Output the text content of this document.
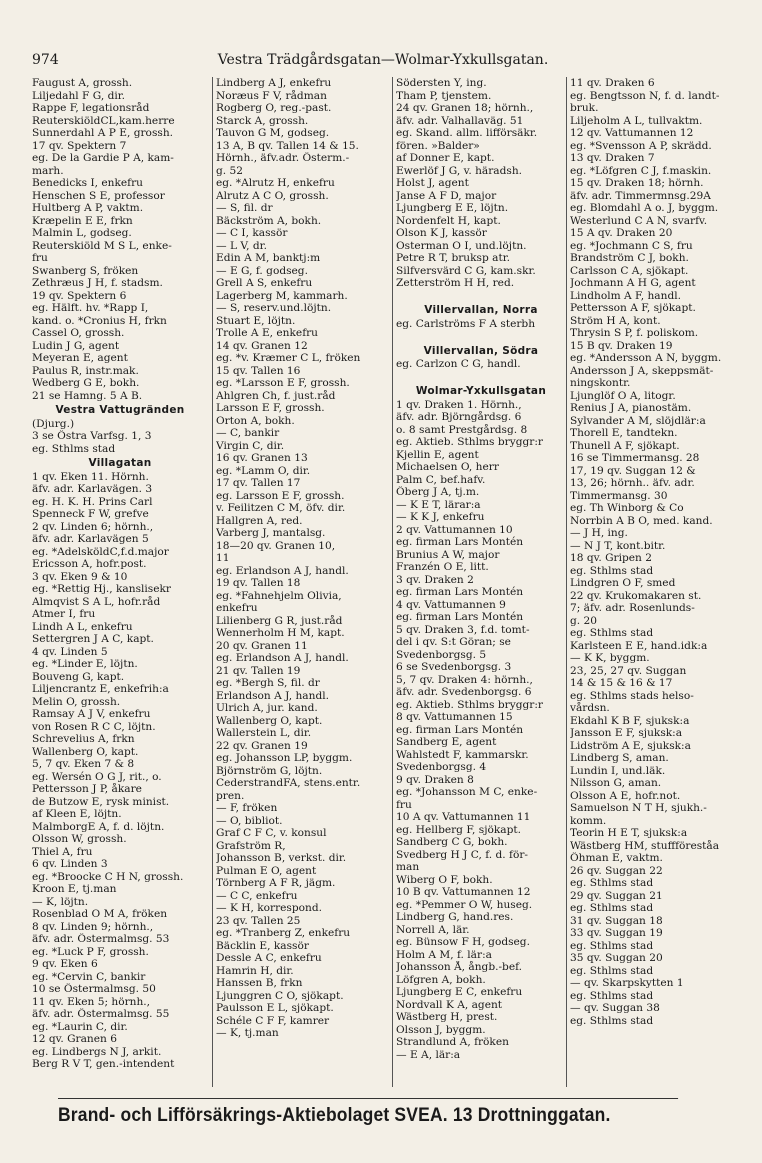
974	Vestra Trädgårdsgatan—Wolmar-Yxkullsgatan.
Faugust A, grossh.
Liljedahl F G, dir.
Rappe F, legationsråd
ReuterskiöldCL,kam.herre
Sunnerdahl A P E, grossh.
17 qv. Spektern 7
eg. De la Gardie P A, kam-
marh.
Benedicks I, enkefru
Henschen S E, professor
Hultberg A P, vaktm.
Kræpelin E E, frkn
Malmin L, godseg.
Reuterskiöld M S L, enke-
fru
Swanberg S, fröken
Zethræus J H, f. stadsm.
19 qv. Spektern 6
eg. Hälft. hv. *Rapp I,
kand. o. *Cronius H, frkn
Cassel O, grossh.
Ludin J G, agent
Meyeran E, agent
Paulus R, instr.mak.
Wedberg G E, bokh.
21 se Hamng. 5 A B.
Vestra Vattugränden
(Djurg.)
3 se Östra Varfsg. 1, 3
eg. Sthlms stad
Villagatan
1 qv. Eken 11. Hörnh.
äfv. adr. Karlavägen. 3
eg. H. K. H. Prins Carl
Spenneck F W, grefve
2 qv. Linden 6; hörnh.,
äfv. adr. Karlavägen 5
eg. *AdelsköldC,f.d.major
Ericsson A, hofr.post.
3 qv. Eken 9 & 10
eg. *Rettig Hj., kanslisekr
Almqvist S A L, hofr.råd
Atmer I, fru
Lindh A L, enkefru
Settergren J A C, kapt.
4 qv. Linden 5
eg. *Linder E, löjtn.
Bouveng G, kapt.
Liljencrantz E, enkefrih:a
Melin O, grossh.
Ramsay A J V, enkefru
von Rosen R C C, löjtn.
Schrevelius A, frkn
Wallenberg O, kapt.
5, 7 qv. Eken 7 & 8
eg. Wersén O G J, rit., o.
Pettersson J P, åkare
de Butzow E, rysk minist.
af Kleen E, löjtn.
MalmborgE A, f. d. löjtn.
Olsson W, grossh.
Thiel A, fru
6 qv. Linden 3
eg. *Broocke C H N, grossh.
Kroon E, tj.man
— K, löjtn.
Rosenblad O M A, fröken
8 qv. Linden 9; hörnh.,
äfv. adr. Östermalmsg. 53
eg. *Luck P F, grossh.
9 qv. Eken 6
eg. *Cervin C, bankir
10 se Östermalmsg. 50
11 qv. Eken 5; hörnh.,
äfv. adr. Östermalmsg. 55
eg. *Laurin C, dir.
12 qv. Granen 6
eg. Lindbergs N J, arkit.
Berg R V T, gen.-intendent
Lindberg A J, enkefru
Noræus F V, rådman
Rogberg O, reg.-past.
Starck A, grossh.
Tauvon G M, godseg.
13 A, B qv. Tallen 14 & 15.
Hörnh., äfv.adr. Österm.-
g. 52
eg. *Alrutz H, enkefru
Alrutz A C O, grossh.
— S, fil. dr
Bäckström A, bokh.
— C I, kassör
— L V, dr.
Edin A M, banktj:m
— E G, f. godseg.
Grell A S, enkefru
Lagerberg M, kammarh.
— S, reserv.und.löjtn.
Stuart E, löjtn.
Trolle A E, enkefru
14 qv. Granen 12
eg. *v. Kræmer C L, fröken
15 qv. Tallen 16
eg. *Larsson E F, grossh.
Ahlgren Ch, f. just.råd
Larsson E F, grossh.
Orton A, bokh.
— C, bankir
Virgin C, dir.
16 qv. Granen 13
eg. *Lamm O, dir.
17 qv. Tallen 17
eg. Larsson E F, grossh.
v. Feilitzen C M, öfv. dir.
Hallgren A, red.
Varberg J, mantalsg.
18—20 qv. Granen 10,
11
eg. Erlandson A J, handl.
19 qv. Tallen 18
eg. *Fahnehjelm Olivia,
enkefru
Lilienberg G R, just.råd
Wennerholm H M, kapt.
20 qv. Granen 11
eg. Erlandson A J, handl.
21 qv. Tallen 19
eg. *Bergh S, fil. dr
Erlandson A J, handl.
Ulrich A, jur. kand.
Wallenberg O, kapt.
Wallerstein L, dir.
22 qv. Granen 19
eg. Johansson LP, byggm.
Björnström G, löjtn.
CederstrandFA, stens.entr.
pren.
— F, fröken
— O, bibliot.
Graf C F C, v. konsul
Grafström R,
Johansson B, verkst. dir.
Pulman E O, agent
Törnberg A F R, jägm.
— C C, enkefru
— K H, korrespond.
23 qv. Tallen 25
eg. *Tranberg Z, enkefru
Bäcklin E, kassör
Dessle A C, enkefru
Hamrin H, dir.
Hanssen B, frkn
Ljunggren C O, sjökapt.
Paulsson E L, sjökapt.
Schéle C F F, kamrer
— K, tj.man
Södersten Y, ing.
Tham P, tjenstem.
24 qv. Granen 18; hörnh.,
äfv. adr. Valhallaväg. 51
eg. Skand. allm. lifförsäkr.
fören. »Balder»
af Donner E, kapt.
Ewerlöf J G, v. häradsh.
Holst J, agent
Janse A F D, major
Ljungberg E E, löjtn.
Nordenfelt H, kapt.
Olson K J, kassör
Osterman O I, und.löjtn.
Petre R T, bruksp atr.
Silfversvärd C G, kam.skr.
Zetterström H H, red.

Villervallan, Norra
eg. Carlströms F A sterbh

Villervallan, Södra
eg. Carlzon C G, handl.

Wolmar-Yxkullsgatan
1 qv. Draken 1. Hörnh.,
äfv. adr. Björngårdsg. 6
o. 8 samt Prestgårdsg. 8
eg. Aktieb. Sthlms bryggr:r
Kjellin E, agent
Michaelsen O, herr
Palm C, bef.hafv.
Öberg J A, tj.m.
— K E T, lärar:a
— K K J, enkefru
2 qv. Vattumannen 10
eg. firman Lars Montén
Brunius A W, major
Franzén O E, litt.
3 qv. Draken 2
eg. firman Lars Montén
4 qv. Vattumannen 9
eg. firman Lars Montén
5 qv. Draken 3, f.d. tomt-
del i qv. S:t Göran; se
Svedenborgsg. 5
6 se Svedenborgsg. 3
5, 7 qv. Draken 4: hörnh.,
äfv. adr. Svedenborgsg. 6
eg. Aktieb. Sthlms bryggr:r
8 qv. Vattumannen 15
eg. firman Lars Montén
Sandberg E, agent
Wahlstedt F, kammarskr.
Svedenborgsg. 4
9 qv. Draken 8
eg. *Johansson M C, enke-
fru
10 A qv. Vattumannen 11
eg. Hellberg F, sjökapt.
Sandberg C G, bokh.
Svedberg H J C, f. d. för-
man
Wiberg O F, bokh.
10 B qv. Vattumannen 12
eg. *Pemmer O W, huseg.
Lindberg G, hand.res.
Norrell A, lär.
eg. Bünsow F H, godseg.
Holm A M, f. lär:a
Johansson Å, ångb.-bef.
Löfgren A, bokh.
Ljungberg E C, enkefru
Nordvall K A, agent
Wästberg H, prest.
Olsson J, byggm.
Strandlund A, fröken
— E A, lär:a
11 qv. Draken 6
eg. Bengtsson N, f. d. landt-
bruk.
Liljeholm A L, tullvaktm.
12 qv. Vattumannen 12
eg. *Svensson A P, skrädd.
13 qv. Draken 7
eg. *Löfgren C J, f.maskin.
15 qv. Draken 18; hörnh.
äfv. adr. Timmermnsg.29A
eg. Blomdahl A o. J, byggm.
Westerlund C A N, svarfv.
15 A qv. Draken 20
eg. *Jochmann C S, fru
Brandström C J, bokh.
Carlsson C A, sjökapt.
Jochmann A H G, agent
Lindholm A F, handl.
Pettersson A F, sjökapt.
Ström H A, kont.
Thrysin S P, f. poliskom.
15 B qv. Draken 19
eg. *Andersson A N, byggm.
Andersson J A, skeppsmät-
ningskontr.
Ljunglöf O A, litogr.
Renius J A, pianostäm.
Sylvander A M, slöjdlär:a
Thorell E, tandtekn.
Thunell A F, sjökapt.
16 se Timmermansg. 28
17, 19 qv. Suggan 12 &
13, 26; hörnh.. äfv. adr.
Timmermansg. 30
eg. Th Winborg & Co
Norrbin A B O, med. kand.
— J H, ing.
— N J T, kont.bitr.
18 qv. Gripen 2
eg. Sthlms stad
Lindgren O F, smed
22 qv. Krukomakaren st.
7; äfv. adr. Rosenlunds-
g. 20
eg. Sthlms stad
Karlsteen E E, hand.idk:a
— K K, byggm.
23, 25, 27 qv. Suggan
14 & 15 & 16 & 17
eg. Sthlms stads helso-
vårdsn.
Ekdahl K B F, sjuksk:a
Jansson E F, sjuksk:a
Lidström A E, sjuksk:a
Lindberg S, aman.
Lundin I, und.läk.
Nilsson G, aman.
Olsson A E, hofr.not.
Samuelson N T H, sjukh.-
komm.
Teorin H E T, sjuksk:a
Wästberg HM, stuffföreståa
Öhman E, vaktm.
26 qv. Suggan 22
eg. Sthlms stad
29 qv. Suggan 21
eg. Sthlms stad
31 qv. Suggan 18
33 qv. Suggan 19
eg. Sthlms stad
35 qv. Suggan 20
eg. Sthlms stad
— qv. Skarpskytten 1
eg. Sthlms stad
— qv. Suggan 38
eg. Sthlms stad
Brand- och Lifförsäkrings-Aktiebolaget SVEA. 13 Drottninggatan.
